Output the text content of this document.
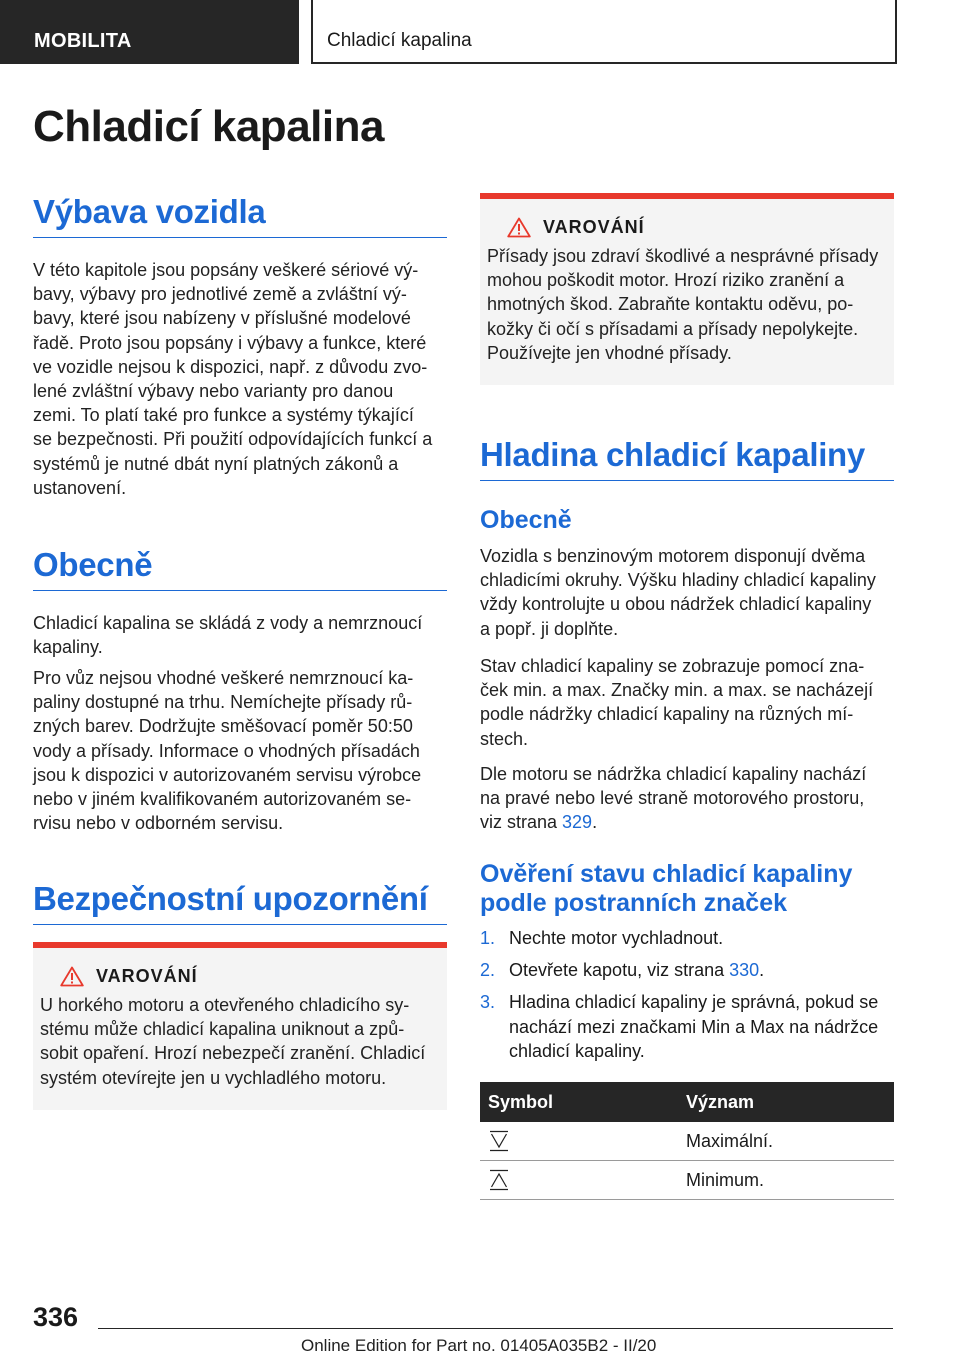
MOBILITA	Chladicí kapalina
Chladicí kapalina
Výbava vozidla

V této kapitole jsou popsány veškeré sériové vý-
bavy, výbavy pro jednotlivé země a zvláštní vý-
bavy, které jsou nabízeny v příslušné modelové
řadě. Proto jsou popsány i výbavy a funkce, které
ve vozidle nejsou k dispozici, např. z důvodu zvo-
lené zvláštní výbavy nebo varianty pro danou
zemi. To platí také pro funkce a systémy týkající
se bezpečnosti. Při použití odpovídajících funkcí a
systémů je nutné dbát nyní platných zákonů a
ustanovení.

Obecně

Chladicí kapalina se skládá z vody a nemrznoucí
kapaliny.

Pro vůz nejsou vhodné veškeré nemrznoucí ka-
paliny dostupné na trhu. Nemíchejte přísady rů-
zných barev. Dodržujte směšovací poměr 50:50
vody a přísady. Informace o vhodných přísadách
jsou k dispozici v autorizovaném servisu výrobce
nebo v jiném kvalifikovaném autorizovaném se-
rvisu nebo v odborném servisu.

Bezpečnostní upozornění
VAROVÁNÍ
U horkého motoru a otevřeného chladicího sy-
stému může chladicí kapalina uniknout a způ-
sobit opaření. Hrozí nebezpečí zranění. Chladicí
systém otevírejte jen u vychladlého motoru.
VAROVÁNÍ
Přísady jsou zdraví škodlivé a nesprávné přísady
mohou poškodit motor. Hrozí riziko zranění a
hmotných škod. Zabraňte kontaktu oděvu, po-
kožky či očí s přísadami a přísady nepolykejte.
Používejte jen vhodné přísady.
Hladina chladicí kapaliny
Obecně

Vozidla s benzinovým motorem disponují dvěma
chladicími okruhy. Výšku hladiny chladicí kapaliny
vždy kontrolujte u obou nádržek chladicí kapaliny
a popř. ji doplňte.

Stav chladicí kapaliny se zobrazuje pomocí zna-
ček min. a max. Značky min. a max. se nacházejí
podle nádržky chladicí kapaliny na různých mí-
stech.

Dle motoru se nádržka chladicí kapaliny nachází
na pravé nebo levé straně motorového prostoru,
viz strana 329.

Ověření stavu chladicí kapaliny
podle postranních značek
1. Nechte motor vychladnout.
2. Otevřete kapotu, viz strana 330.
3. Hladina chladicí kapaliny je správná, pokud se
nachází mezi značkami Min a Max na nádržce
chladicí kapaliny.
Symbol	Význam

	Maximální.

	Minimum.
336
Online Edition for Part no. 01405A035B2 - II/20
